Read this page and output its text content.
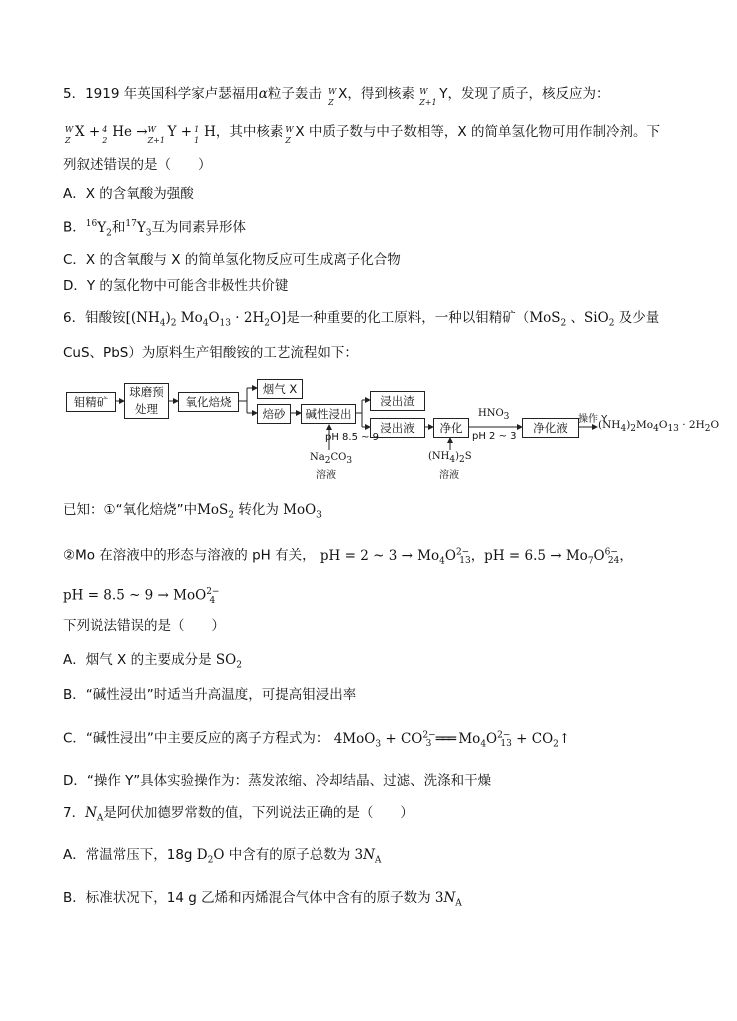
5．1919 年英国科学家卢瑟福用α粒子轰击 W
Z
X，得到核素 W
Z+1
Y，发现了质子，核反应为：
W
Z
X + 4
2
He → W
Z+1
Y + 1
1
H，其中核素 W
Z
X 中质子数与中子数相等，X 的简单氢化物可用作制冷剂。下
列叙述错误的是（　　）
A．X 的含氧酸为强酸
B．$^{16}Y_2$和$^{17}Y_3$互为同素异形体
C．X 的含氧酸与 X 的简单氢化物反应可生成离子化合物
D．Y 的氢化物中可能含非极性共价键
6．钼酸铵[$(NH_4)_2$ $Mo_4O_{13} \cdot 2H_2O$]是一种重要的化工原料，一种以钼精矿（MoS$_2$ 、SiO$_2$ 及少量
CuS、PbS）为原料生产钼酸铵的工艺流程如下：
钼精矿
球磨预
处理	氧化焙烧
烟气 X
焙砂	碱性浸出
浸出渣
浸出液	净化	净化液
pH 8.5 ~ 9
$Na_2CO_3$
溶液
$HNO_3$
pH 2 ~ 3
$(NH_4)_2S$
溶液
操作 Y
$(NH_4)_2Mo_4O_{13} \cdot 2H_2O$
已知：①“氧化焙烧”中MoS$_2$ 转化为 MoO$_3$
②Mo 在溶液中的形态与溶液的 pH 有关， pH = 2 ~ $3 \to Mo_4O^{2-}_{13}$，pH = $6.5 \to Mo_7O^{6-}_{24}$，
pH = 8.5 ~ 9 → MoO$^{2-}_4$
下列说法错误的是（　　）
A．烟气 X 的主要成分是 $SO_2$
B．“碱性浸出”时适当升高温度，可提高钼浸出率
C．“碱性浸出”中主要反应的离子方程式为： $4MoO_3 + CO^{2-}_3$ ═══ $Mo_4O^{2-}_{13}$ + $CO_2↑$
D．“操作 Y”具体实验操作为：蒸发浓缩、冷却结晶、过滤、洗涤和干燥
7．$N_A$是阿伏加德罗常数的值，下列说法正确的是（　　）
A．常温常压下，18g $D_2O$ 中含有的原子总数为 $3N_A$
B．标准状况下，14 g 乙烯和丙烯混合气体中含有的原子数为 $3N_A$
